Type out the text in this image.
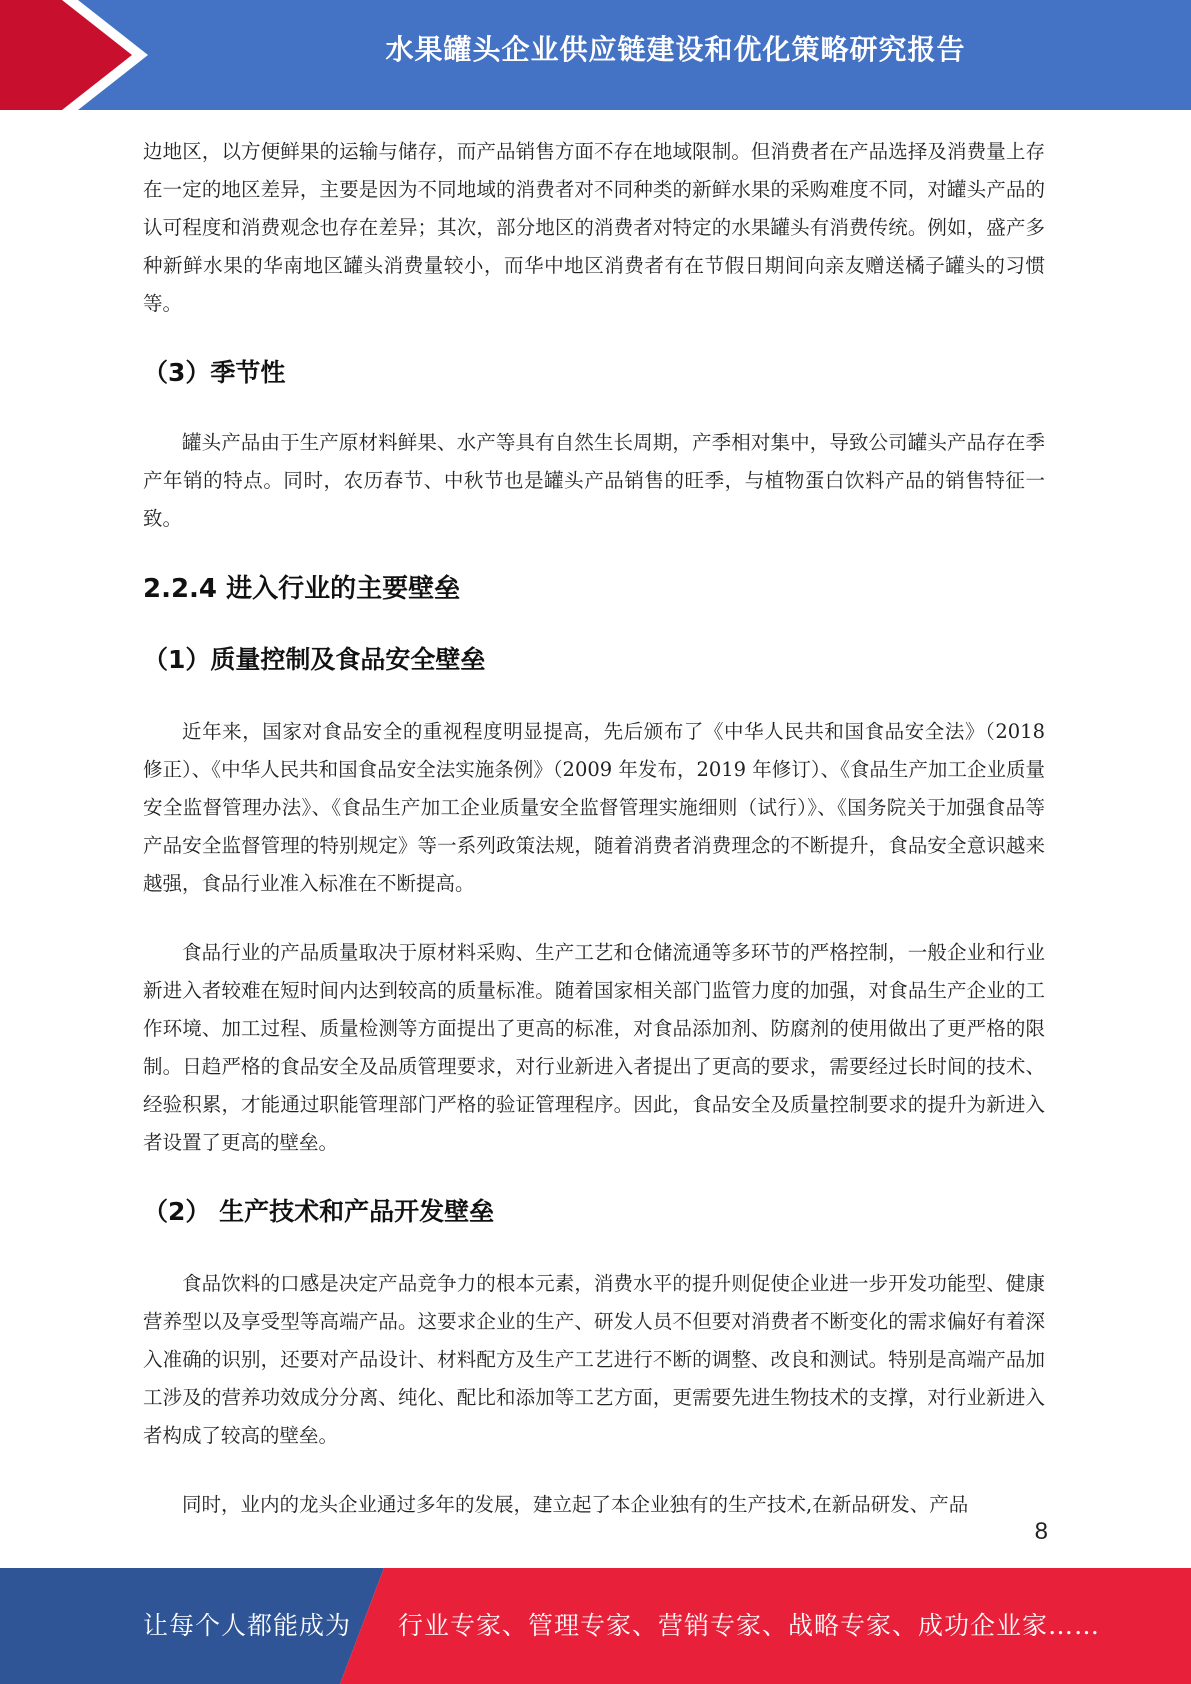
水果罐头企业供应链建设和优化策略研究报告

边地区，以方便鲜果的运输与储存，而产品销售方面不存在地域限制。但消费者在产品选择及消费量上存在一定的地区差异，主要是因为不同地域的消费者对不同种类的新鲜水果的采购难度不同，对罐头产品的认可程度和消费观念也存在差异；其次，部分地区的消费者对特定的水果罐头有消费传统。例如，盛产多种新鲜水果的华南地区罐头消费量较小，而华中地区消费者有在节假日期间向亲友赠送橘子罐头的习惯等。

（3）季节性

罐头产品由于生产原材料鲜果、水产等具有自然生长周期，产季相对集中，导致公司罐头产品存在季产年销的特点。同时，农历春节、中秋节也是罐头产品销售的旺季，与植物蛋白饮料产品的销售特征一致。

2.2.4 进入行业的主要壁垒
（1）质量控制及食品安全壁垒

近年来，国家对食品安全的重视程度明显提高，先后颁布了《中华人民共和国食品安全法》（2018 修正）、《中华人民共和国食品安全法实施条例》（2009 年发布，2019 年修订）、《食品生产加工企业质量安全监督管理办法》、《食品生产加工企业质量安全监督管理实施细则（试行）》、《国务院关于加强食品等产品安全监督管理的特别规定》等一系列政策法规，随着消费者消费理念的不断提升，食品安全意识越来越强，食品行业准入标准在不断提高。

食品行业的产品质量取决于原材料采购、生产工艺和仓储流通等多环节的严格控制，一般企业和行业新进入者较难在短时间内达到较高的质量标准。随着国家相关部门监管力度的加强，对食品生产企业的工作环境、加工过程、质量检测等方面提出了更高的标准，对食品添加剂、防腐剂的使用做出了更严格的限制。日趋严格的食品安全及品质管理要求，对行业新进入者提出了更高的要求，需要经过长时间的技术、经验积累，才能通过职能管理部门严格的验证管理程序。因此，食品安全及质量控制要求的提升为新进入者设置了更高的壁垒。

（2） 生产技术和产品开发壁垒

食品饮料的口感是决定产品竞争力的根本元素，消费水平的提升则促使企业进一步开发功能型、健康营养型以及享受型等高端产品。这要求企业的生产、研发人员不但要对消费者不断变化的需求偏好有着深入准确的识别，还要对产品设计、材料配方及生产工艺进行不断的调整、改良和测试。特别是高端产品加工涉及的营养功效成分分离、纯化、配比和添加等工艺方面，更需要先进生物技术的支撑，对行业新进入者构成了较高的壁垒。

同时，业内的龙头企业通过多年的发展，建立起了本企业独有的生产技术,在新品研发、产品

8
让每个人都能成为 行业专家、管理专家、营销专家、战略专家、成功企业家……
